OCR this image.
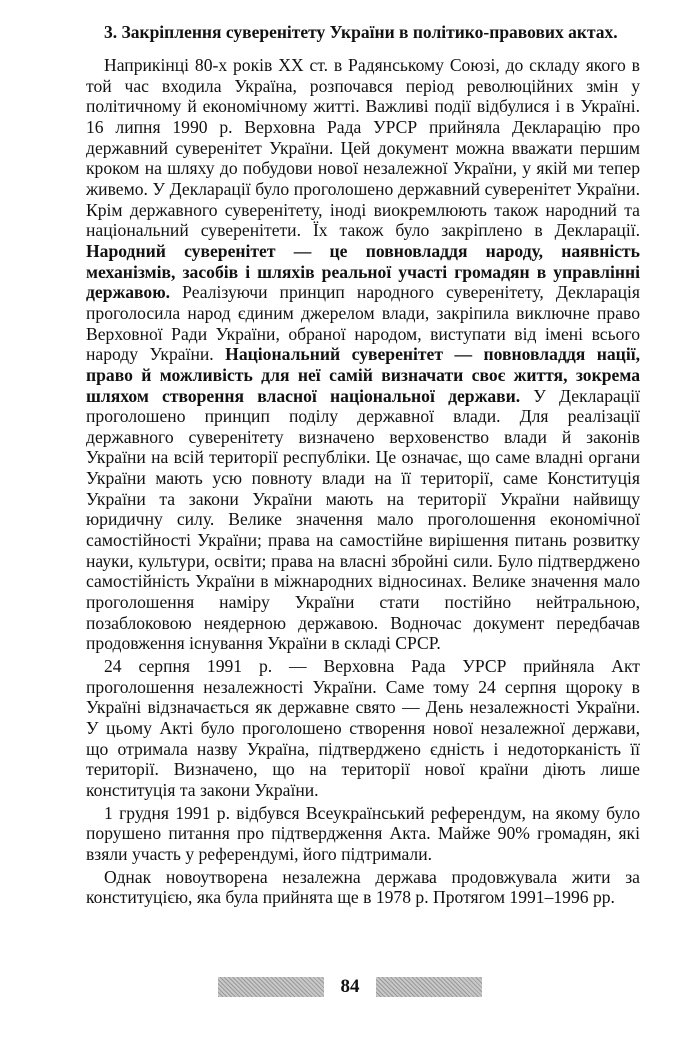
3. Закріплення суверенітету України в політико-правових актах.

Наприкінці 80-х років XX ст. в Радянському Союзі, до складу якого в той час входила Україна, розпочався період революційних змін у політичному й економічному житті. Важливі події відбулися і в Україні. 16 липня 1990 р. Верховна Рада УРСР прийняла Декларацію про державний суверенітет України. Цей документ можна вважати першим кроком на шляху до побудови нової незалежної України, у якій ми тепер живемо. У Декларації було проголошено державний суверенітет України. Крім державного суверенітету, іноді виокремлюють також народний та національний суверенітети. Їх також було закріплено в Декларації. Народний суверенітет — це повновладдя народу, наявність механізмів, засобів і шляхів реальної участі громадян в управлінні державою. Реалізуючи принцип народного суверенітету, Декларація проголосила народ єдиним джерелом влади, закріпила виключне право Верховної Ради України, обраної народом, виступати від імені всього народу України. Національний суверенітет — повновладдя нації, право й можливість для неї самій визначати своє життя, зокрема шляхом створення власної національної держави. У Декларації проголошено принцип поділу державної влади. Для реалізації державного суверенітету визначено верховенство влади й законів України на всій території республіки. Це означає, що саме владні органи України мають усю повноту влади на її території, саме Конституція України та закони України мають на території України найвищу юридичну силу. Велике значення мало проголошення економічної самостійності України; права на самостійне вирішення питань розвитку науки, культури, освіти; права на власні збройні сили. Було підтверджено самостійність України в міжнародних відносинах. Велике значення мало проголошення наміру України стати постійно нейтральною, позаблоковою неядерною державою. Водночас документ передбачав продовження існування України в складі СРСР.

24 серпня 1991 р. — Верховна Рада УРСР прийняла Акт проголошення незалежності України. Саме тому 24 серпня щороку в Україні відзначається як державне свято — День незалежності України. У цьому Акті було проголошено створення нової незалежної держави, що отримала назву Україна, підтверджено єдність і недоторканість її території. Визначено, що на території нової країни діють лише конституція та закони України.

1 грудня 1991 р. відбувся Всеукраїнський референдум, на якому було порушено питання про підтвердження Акта. Майже 90% громадян, які взяли участь у референдумі, його підтримали.

Однак новоутворена незалежна держава продовжувала жити за конституцією, яка була прийнята ще в 1978 р. Протягом 1991–1996 рр.

84
